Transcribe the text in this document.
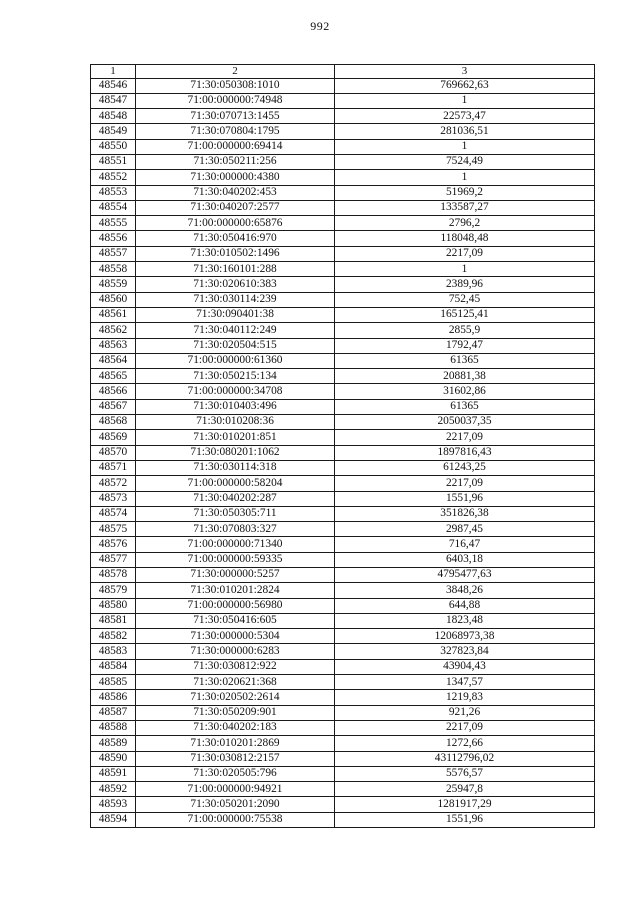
992
1	2	3
48546	71:30:050308:1010	769662,63
48547	71:00:000000:74948	1
48548	71:30:070713:1455	22573,47
48549	71:30:070804:1795	281036,51
48550	71:00:000000:69414	1
48551	71:30:050211:256	7524,49
48552	71:30:000000:4380	1
48553	71:30:040202:453	51969,2
48554	71:30:040207:2577	133587,27
48555	71:00:000000:65876	2796,2
48556	71:30:050416:970	118048,48
48557	71:30:010502:1496	2217,09
48558	71:30:160101:288	1
48559	71:30:020610:383	2389,96
48560	71:30:030114:239	752,45
48561	71:30:090401:38	165125,41
48562	71:30:040112:249	2855,9
48563	71:30:020504:515	1792,47
48564	71:00:000000:61360	61365
48565	71:30:050215:134	20881,38
48566	71:00:000000:34708	31602,86
48567	71:30:010403:496	61365
48568	71:30:010208:36	2050037,35
48569	71:30:010201:851	2217,09
48570	71:30:080201:1062	1897816,43
48571	71:30:030114:318	61243,25
48572	71:00:000000:58204	2217,09
48573	71:30:040202:287	1551,96
48574	71:30:050305:711	351826,38
48575	71:30:070803:327	2987,45
48576	71:00:000000:71340	716,47
48577	71:00:000000:59335	6403,18
48578	71:30:000000:5257	4795477,63
48579	71:30:010201:2824	3848,26
48580	71:00:000000:56980	644,88
48581	71:30:050416:605	1823,48
48582	71:30:000000:5304	12068973,38
48583	71:30:000000:6283	327823,84
48584	71:30:030812:922	43904,43
48585	71:30:020621:368	1347,57
48586	71:30:020502:2614	1219,83
48587	71:30:050209:901	921,26
48588	71:30:040202:183	2217,09
48589	71:30:010201:2869	1272,66
48590	71:30:030812:2157	43112796,02
48591	71:30:020505:796	5576,57
48592	71:00:000000:94921	25947,8
48593	71:30:050201:2090	1281917,29
48594	71:00:000000:75538	1551,96
